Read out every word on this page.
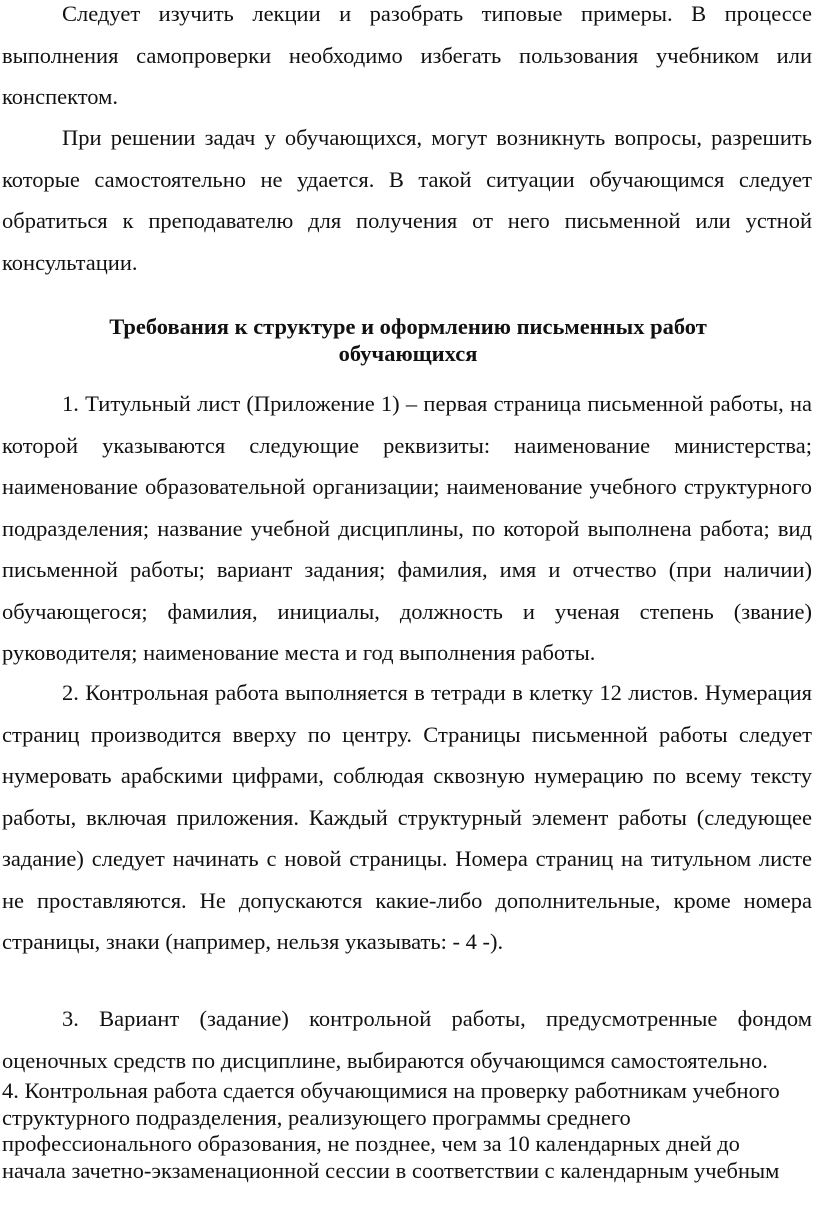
Следует изучить лекции и разобрать типовые примеры. В процессе выполнения самопроверки необходимо избегать пользования учебником или конспектом.

При решении задач у обучающихся, могут возникнуть вопросы, разрешить которые самостоятельно не удается. В такой ситуации обучающимся следует обратиться к преподавателю для получения от него письменной или устной консультации.

Требования к структуре и оформлению письменных работ
обучающихся

1. Титульный лист (Приложение 1) – первая страница письменной работы, на которой указываются следующие реквизиты: наименование министерства; наименование образовательной организации; наименование учебного структурного подразделения; название учебной дисциплины, по которой выполнена работа; вид письменной работы; вариант задания; фамилия, имя и отчество (при наличии) обучающегося; фамилия, инициалы, должность и ученая степень (звание) руководителя; наименование места и год выполнения работы.

2. Контрольная работа выполняется в тетради в клетку 12 листов. Нумерация страниц производится вверху по центру. Страницы письменной работы следует нумеровать арабскими цифрами, соблюдая сквозную нумерацию по всему тексту работы, включая приложения. Каждый структурный элемент работы (следующее задание) следует начинать с новой страницы. Номера страниц на титульном листе не проставляются. Не допускаются какие-либо дополнительные, кроме номера страницы, знаки (например, нельзя указывать: - 4 -).

3. Вариант (задание) контрольной работы, предусмотренные фондом оценочных средств по дисциплине, выбираются обучающимся самостоятельно.

4. Контрольная работа сдается обучающимися на проверку работникам учебного структурного подразделения, реализующего программы среднего профессионального образования, не позднее, чем за 10 календарных дней до начала зачетно-экзаменационной сессии в соответствии с календарным учебным
